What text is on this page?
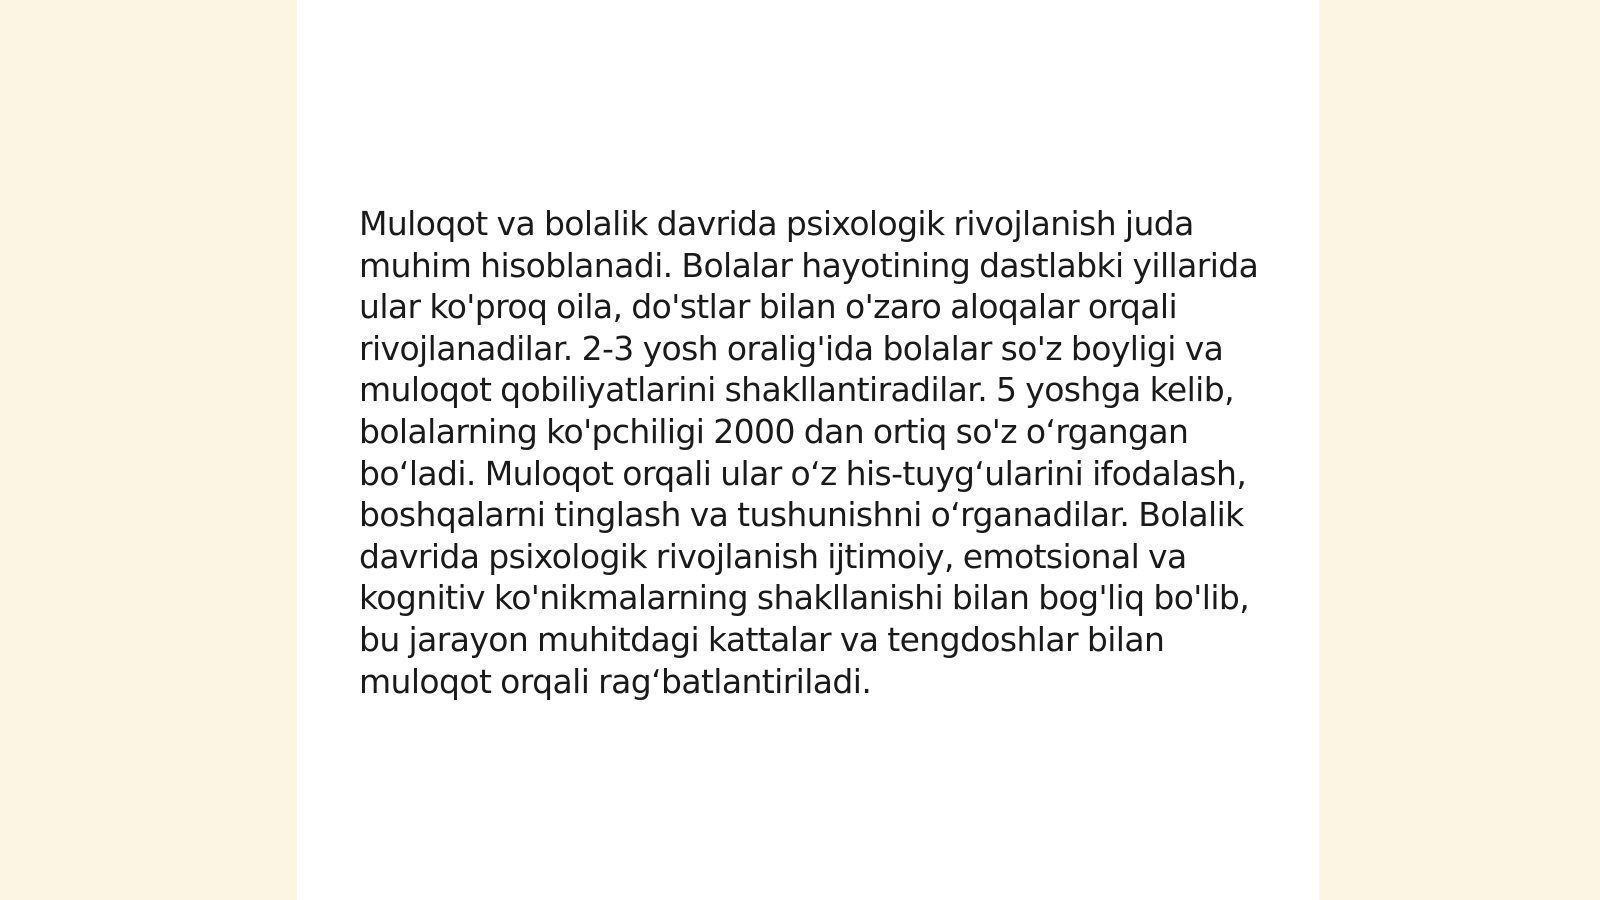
Muloqot va bolalik davrida psixologik rivojlanish juda muhim hisoblanadi. Bolalar hayotining dastlabki yillarida ular ko'proq oila, do'stlar bilan o'zaro aloqalar orqali rivojlanadilar. 2-3 yosh oralig'ida bolalar so'z boyligi va muloqot qobiliyatlarini shakllantiradilar. 5 yoshga kelib, bolalarning ko'pchiligi 2000 dan ortiq so'z oʻrgangan boʻladi. Muloqot orqali ular oʻz his-tuygʻularini ifodalash, boshqalarni tinglash va tushunishni oʻrganadilar. Bolalik davrida psixologik rivojlanish ijtimoiy, emotsional va kognitiv ko'nikmalarning shakllanishi bilan bog'liq bo'lib, bu jarayon muhitdagi kattalar va tengdoshlar bilan muloqot orqali ragʻbatlantiriladi.
